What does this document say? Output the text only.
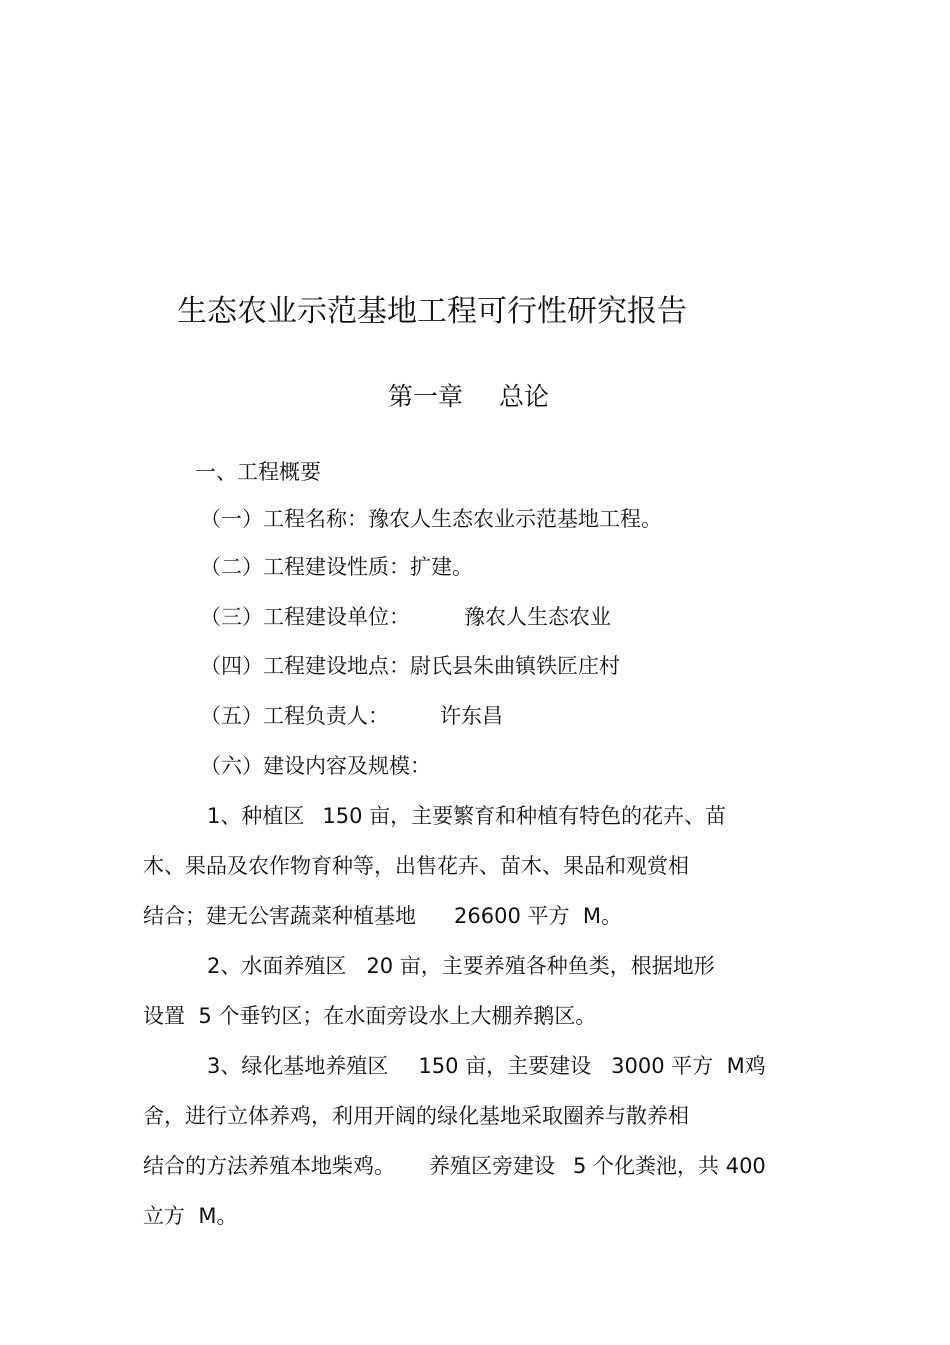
生态农业示范基地工程可行性研究报告
第一章 总论
一、工程概要
（一）工程名称：豫农人生态农业示范基地工程。
（二）工程建设性质：扩建。
（三）工程建设单位：	豫农人生态农业
（四）工程建设地点：尉氏县朱曲镇铁匠庄村
（五）工程负责人： 许东昌
（六）建设内容及规模：
1、种植区 150 亩，主要繁育和种植有特色的花卉、苗
木、果品及农作物育种等，出售花卉、苗木、果品和观赏相
结合；建无公害蔬菜种植基地 26600 平方  M。
2、水面养殖区 20 亩，主要养殖各种鱼类，根据地形
设置  5 个垂钓区；在水面旁设水上大棚养鹅区。
3、绿化基地养殖区 150 亩，主要建设 3000 平方  M鸡
舍，进行立体养鸡，利用开阔的绿化基地采取圈养与散养相
结合的方法养殖本地柴鸡。 养殖区旁建设 5 个化粪池，共 400
立方  M。
